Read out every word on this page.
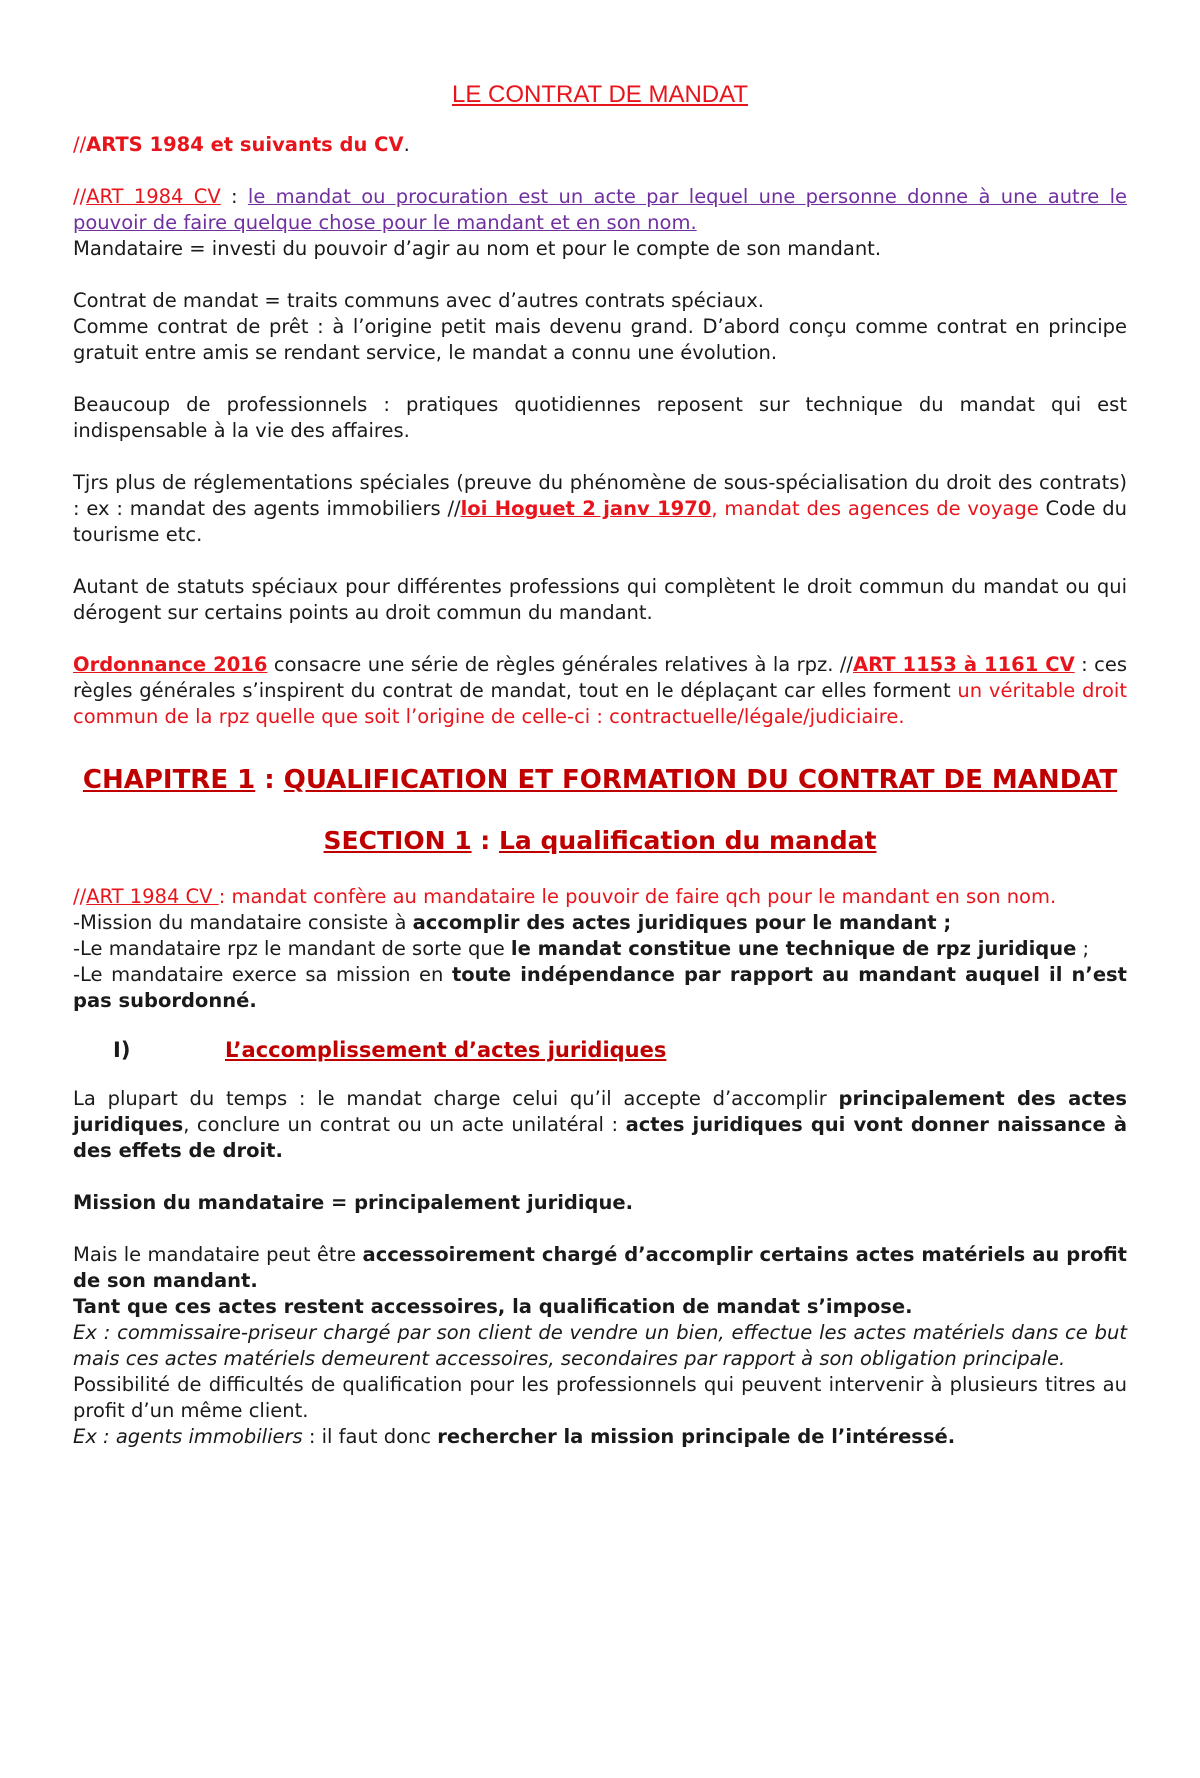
LE CONTRAT DE MANDAT

//ARTS 1984 et suivants du CV.

//ART 1984 CV : le mandat ou procuration est un acte par lequel une personne donne à une autre le pouvoir de faire quelque chose pour le mandant et en son nom.

Mandataire = investi du pouvoir d’agir au nom et pour le compte de son mandant.

Contrat de mandat = traits communs avec d’autres contrats spéciaux.

Comme contrat de prêt : à l’origine petit mais devenu grand. D’abord conçu comme contrat en principe gratuit entre amis se rendant service, le mandat a connu une évolution.

Beaucoup de professionnels : pratiques quotidiennes reposent sur technique du mandat qui est indispensable à la vie des affaires.

Tjrs plus de réglementations spéciales (preuve du phénomène de sous-spécialisation du droit des contrats) : ex : mandat des agents immobiliers //loi Hoguet 2 janv 1970, mandat des agences de voyage Code du tourisme etc.

Autant de statuts spéciaux pour différentes professions qui complètent le droit commun du mandat ou qui dérogent sur certains points au droit commun du mandant.

Ordonnance 2016 consacre une série de règles générales relatives à la rpz. //ART 1153 à 1161 CV : ces règles générales s’inspirent du contrat de mandat, tout en le déplaçant car elles forment un véritable droit commun de la rpz quelle que soit l’origine de celle-ci : contractuelle/légale/judiciaire.

CHAPITRE 1 : QUALIFICATION ET FORMATION DU CONTRAT DE MANDAT
SECTION 1 : La qualification du mandat

//ART 1984 CV : mandat confère au mandataire le pouvoir de faire qch pour le mandant en son nom.

-Mission du mandataire consiste à accomplir des actes juridiques pour le mandant ;

-Le mandataire rpz le mandant de sorte que le mandat constitue une technique de rpz juridique ;

-Le mandataire exerce sa mission en toute indépendance par rapport au mandant auquel il n’est pas subordonné.

I)	L’accomplissement d’actes juridiques

La plupart du temps : le mandat charge celui qu’il accepte d’accomplir principalement des actes juridiques, conclure un contrat ou un acte unilatéral : actes juridiques qui vont donner naissance à des effets de droit.

Mission du mandataire = principalement juridique.

Mais le mandataire peut être accessoirement chargé d’accomplir certains actes matériels au profit de son mandant.

Tant que ces actes restent accessoires, la qualification de mandat s’impose.

Ex : commissaire-priseur chargé par son client de vendre un bien, effectue les actes matériels dans ce but mais ces actes matériels demeurent accessoires, secondaires par rapport à son obligation principale.

Possibilité de difficultés de qualification pour les professionnels qui peuvent intervenir à plusieurs titres au profit d’un même client.

Ex : agents immobiliers : il faut donc rechercher la mission principale de l’intéressé.
